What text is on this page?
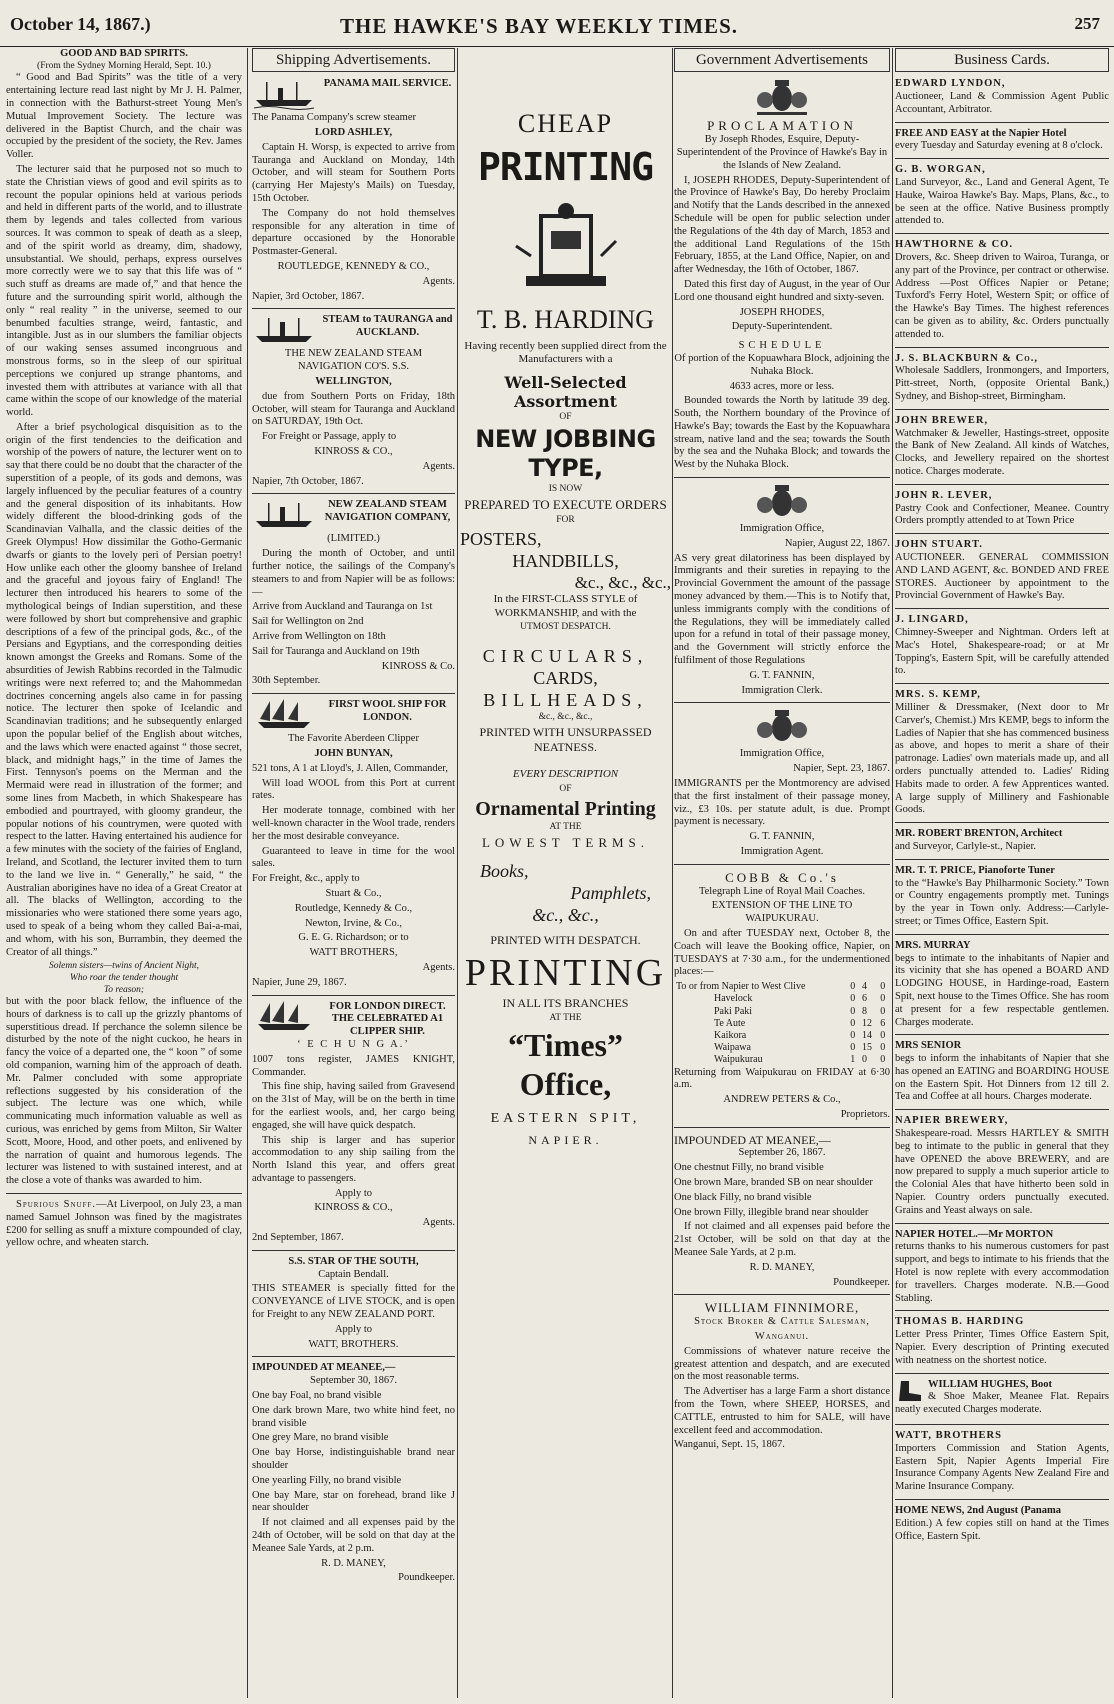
October 14, 1867.)	THE HAWKE'S BAY WEEKLY TIMES.	257
GOOD AND BAD SPIRITS.
(From the Sydney Morning Herald, Sept. 10.)

“ Good and Bad Spirits” was the title of a very entertaining lecture read last night by Mr J. H. Palmer, in connection with the Bathurst-street Young Men's Mutual Improvement Society. The lecture was delivered in the Baptist Church, and the chair was occupied by the president of the society, the Rev. James Voller.

The lecturer said that he purposed not so much to state the Christian views of good and evil spirits as to recount the popular opinions held at various periods and held in different parts of the world, and to illustrate them by legends and tales collected from various sources. It was common to speak of death as a sleep, and of the spirit world as dreamy, dim, shadowy, unsubstantial. We should, perhaps, express ourselves more correctly were we to say that this life was of “ such stuff as dreams are made of,” and that hence the future and the surrounding spirit world, although the only “ real reality ” in the universe, seemed to our benumbed faculties strange, weird, fantastic, and intangible. Just as in our slumbers the familiar objects of our waking senses assumed incongruous and monstrous forms, so in the sleep of our spiritual perceptions we conjured up strange phantoms, and invested them with attributes at variance with all that came within the scope of our knowledge of the material world.

After a brief psychological disquisition as to the origin of the first tendencies to the deification and worship of the powers of nature, the lecturer went on to say that there could be no doubt that the character of the superstition of a people, of its gods and demons, was largely influenced by the peculiar features of a country and the general disposition of its inhabitants. How widely different the blood-drinking gods of the Scandinavian Valhalla, and the classic deities of the Greek Olympus! How dissimilar the Gotho-Germanic dwarfs or giants to the lovely peri of Persian poetry! How unlike each other the gloomy banshee of Ireland and the graceful and joyous fairy of England! The lecturer then introduced his hearers to some of the mythological beings of Indian superstition, and these were followed by short but comprehensive and graphic descriptions of a few of the principal gods, &c., of the Persians and Egyptians, and the corresponding deities known amongst the Greeks and Romans. Some of the absurdities of Jewish Rabbins recorded in the Talmudic writings were next referred to; and the Mahommedan doctrines concerning angels also came in for passing notice. The lecturer then spoke of Icelandic and Scandinavian traditions; and he subsequently enlarged upon the popular belief of the English about witches, and the laws which were enacted against “ those secret, black, and midnight hags,” in the time of James the First. Tennyson's poems on the Merman and the Mermaid were read in illustration of the former; and some lines from Macbeth, in which Shakespeare has embodied and pourtrayed, with gloomy grandeur, the popular notions of his countrymen, were quoted with respect to the latter. Having entertained his audience for a few minutes with the society of the fairies of England, Ireland, and Scotland, the lecturer invited them to turn to the land we live in. “ Generally,” he said, “ the Australian aborigines have no idea of a Great Creator at all. The blacks of Wellington, according to the missionaries who were stationed there some years ago, used to speak of a being whom they called Bai-a-mai, and whom, with his son, Burrambin, they deemed the Creator of all things.”

Solemn sisters—twins of Ancient Night,
Who roar the tender thought
To reason;

but with the poor black fellow, the influence of the hours of darkness is to call up the grizzly phantoms of superstitious dread. If perchance the solemn silence be disturbed by the note of the night cuckoo, he hears in fancy the voice of a departed one, the “ koon ” of some old companion, warning him of the approach of death. Mr. Palmer concluded with some appropriate reflections suggested by his consideration of the subject. The lecture was one which, while communicating much information valuable as well as curious, was enriched by gems from Milton, Sir Walter Scott, Moore, Hood, and other poets, and enlivened by the narration of quaint and humorous legends. The lecturer was listened to with sustained interest, and at the close a vote of thanks was awarded to him.

Spurious Snuff.—At Liverpool, on July 23, a man named Samuel Johnson was fined by the magistrates £200 for selling as snuff a mixture compounded of clay, yellow ochre, and wheaten starch.

Shipping Advertisements.
PANAMA MAIL SERVICE.

The Panama Company's screw steamer

LORD ASHLEY,

Captain H. Worsp, is expected to arrive from Tauranga and Auckland on Monday, 14th October, and will steam for Southern Ports (carrying Her Majesty's Mails) on Tuesday, 15th October.

The Company do not hold themselves responsible for any alteration in time of departure occasioned by the Honorable Postmaster-General.

ROUTLEDGE, KENNEDY & CO.,

Agents.

Napier, 3rd October, 1867.

STEAM to TAURANGA and AUCKLAND.

THE NEW ZEALAND STEAM NAVIGATION CO'S. S.S.

WELLINGTON,

due from Southern Ports on Friday, 18th October, will steam for Tauranga and Auckland on SATURDAY, 19th Oct.

For Freight or Passage, apply to

KINROSS & CO.,

Agents.

Napier, 7th October, 1867.

NEW ZEALAND STEAM NAVIGATION COMPANY,

(LIMITED.)

During the month of October, and until further notice, the sailings of the Company's steamers to and from Napier will be as follows:—

Arrive from Auckland and Tauranga on 1st

Sail for Wellington on 2nd

Arrive from Wellington on 18th

Sail for Tauranga and Auckland on 19th

KINROSS & Co.

30th September.

FIRST WOOL SHIP FOR LONDON.

The Favorite Aberdeen Clipper

JOHN BUNYAN,

521 tons, A 1 at Lloyd's, J. Allen, Commander,

Will load WOOL from this Port at current rates.

Her moderate tonnage, combined with her well-known character in the Wool trade, renders her the most desirable conveyance.

Guaranteed to leave in time for the wool sales.

For Freight, &c., apply to

Stuart & Co.,

Routledge, Kennedy & Co.,

Newton, Irvine, & Co.,

G. E. G. Richardson; or to

WATT BROTHERS,

Agents.

Napier, June 29, 1867.

FOR LONDON DIRECT. THE CELEBRATED A1 CLIPPER SHIP.

‘ E C H U N G A.’

1007 tons register, JAMES KNIGHT, Commander.

This fine ship, having sailed from Gravesend on the 31st of May, will be on the berth in time for the earliest wools, and, her cargo being engaged, she will have quick despatch.

This ship is larger and has superior accommodation to any ship sailing from the North Island this year, and offers great advantage to passengers.

Apply to

KINROSS & CO.,

Agents.

2nd September, 1867.

S.S. STAR OF THE SOUTH,

Captain Bendall.

THIS STEAMER is specially fitted for the CONVEYANCE of LIVE STOCK, and is open for Freight to any NEW ZEALAND PORT.

Apply to

WATT, BROTHERS.

IMPOUNDED AT MEANEE,—

September 30, 1867.

One bay Foal, no brand visible

One dark brown Mare, two white hind feet, no brand visible

One grey Mare, no brand visible

One bay Horse, indistinguishable brand near shoulder

One yearling Filly, no brand visible

One bay Mare, star on forehead, brand like J near shoulder

If not claimed and all expenses paid by the 24th of October, will be sold on that day at the Meanee Sale Yards, at 2 p.m.

R. D. MANEY,

Poundkeeper.

CHEAP
PRINTING
T. B. HARDING

Having recently been supplied direct from the Manufacturers with a

Well-Selected Assortment

OF

NEW JOBBING TYPE,

IS NOW

PREPARED TO EXECUTE ORDERS

FOR

POSTERS,
HANDBILLS,
&c., &c., &c.,

In the FIRST-CLASS STYLE of WORKMANSHIP, and with the

UTMOST DESPATCH.

CIRCULARS,
CARDS,
BILLHEADS,

&c., &c., &c.,

PRINTED WITH UNSURPASSED NEATNESS.

EVERY DESCRIPTION

OF

Ornamental Printing

AT THE

LOWEST TERMS.
Books,
Pamphlets,
&c., &c.,

PRINTED WITH DESPATCH.

PRINTING

IN ALL ITS BRANCHES

AT THE

“Times” Office,
EASTERN SPIT,
NAPIER.
Government Advertisements
PROCLAMATION

By Joseph Rhodes, Esquire, Deputy-Superintendent of the Province of Hawke's Bay in the Islands of New Zealand.

I, JOSEPH RHODES, Deputy-Superintendent of the Province of Hawke's Bay, Do hereby Proclaim and Notify that the Lands described in the annexed Schedule will be open for public selection under the Regulations of the 4th day of March, 1853 and the additional Land Regulations of the 15th February, 1855, at the Land Office, Napier, on and after Wednesday, the 16th of October, 1867.

Dated this first day of August, in the year of Our Lord one thousand eight hundred and sixty-seven.

JOSEPH RHODES,

Deputy-Superintendent.

SCHEDULE

Of portion of the Kopuawhara Block, adjoining the Nuhaka Block.

4633 acres, more or less.

Bounded towards the North by latitude 39 deg. South, the Northern boundary of the Province of Hawke's Bay; towards the East by the Kopuawhara stream, native land and the sea; towards the South by the sea and the Nuhaka Block; and towards the West by the Nuhaka Block.

Immigration Office,

Napier, August 22, 1867.

AS very great dilatoriness has been displayed by Immigrants and their sureties in repaying to the Provincial Government the amount of the passage money advanced by them.—This is to Notify that, unless immigrants comply with the conditions of the Regulations, they will be immediately called upon for a refund in total of their passage money, and the Government will strictly enforce the fulfilment of those Regulations

G. T. FANNIN,

Immigration Clerk.

Immigration Office,

Napier, Sept. 23, 1867.

IMMIGRANTS per the Montmorency are advised that the first instalment of their passage money, viz., £3 10s. per statute adult, is due. Prompt payment is necessary.

G. T. FANNIN,

Immigration Agent.

COBB & Co.'s

Telegraph Line of Royal Mail Coaches.

EXTENSION OF THE LINE TO WAIPUKURAU.

On and after TUESDAY next, October 8, the Coach will leave the Booking office, Napier, on TUESDAYS at 7·30 a.m., for the undermentioned places:—

To or from Napier to West Clive	0	4	0
Havelock	0	6	0
Paki Paki	0	8	0
Te Aute	0	12	6
Kaikora	0	14	0
Waipawa	0	15	0
Waipukurau	1	0	0

Returning from Waipukurau on FRIDAY at 6·30 a.m.

ANDREW PETERS & Co.,

Proprietors.

IMPOUNDED AT MEANEE,—

September 26, 1867.

One chestnut Filly, no brand visible

One brown Mare, branded SB on near shoulder

One black Filly, no brand visible

One brown Filly, illegible brand near shoulder

If not claimed and all expenses paid before the 21st October, will be sold on that day at the Meanee Sale Yards, at 2 p.m.

R. D. MANEY,

Poundkeeper.

WILLIAM FINNIMORE,

Stock Broker & Cattle Salesman,

Wanganui.

Commissions of whatever nature receive the greatest attention and despatch, and are executed on the most reasonable terms.

The Advertiser has a large Farm a short distance from the Town, where SHEEP, HORSES, and CATTLE, entrusted to him for SALE, will have excellent feed and accommodation.

Wanganui, Sept. 15, 1867.

Business Cards.
EDWARD LYNDON,

Auctioneer, Land & Commission Agent Public Accountant, Arbitrator.

FREE AND EASY at the Napier Hotel

every Tuesday and Saturday evening at 8 o'clock.

G. B. WORGAN,

Land Surveyor, &c., Land and General Agent, Te Hauke, Wairoa Hawke's Bay. Maps, Plans, &c., to be seen at the office. Native Business promptly attended to.

HAWTHORNE & CO.

Drovers, &c. Sheep driven to Wairoa, Turanga, or any part of the Province, per contract or otherwise. Address —Post Offices Napier or Petane; Tuxford's Ferry Hotel, Western Spit; or office of the Hawke's Bay Times. The highest references can be given as to ability, &c. Orders punctually attended to.

J. S. BLACKBURN & Co.,

Wholesale Saddlers, Ironmongers, and Importers, Pitt-street, North, (opposite Oriental Bank,) Sydney, and Bishop-street, Birmingham.

JOHN BREWER,

Watchmaker & Jeweller, Hastings-street, opposite the Bank of New Zealand. All kinds of Watches, Clocks, and Jewellery repaired on the shortest notice. Charges moderate.

JOHN R. LEVER,

Pastry Cook and Confectioner, Meanee. Country Orders promptly attended to at Town Price

JOHN STUART.

AUCTIONEER. GENERAL COMMISSION AND LAND AGENT, &c. BONDED AND FREE STORES. Auctioneer by appointment to the Provincial Government of Hawke's Bay.

J. LINGARD,

Chimney-Sweeper and Nightman. Orders left at Mac's Hotel, Shakespeare-road; or at Mr Topping's, Eastern Spit, will be carefully attended to.

MRS. S. KEMP,

Milliner & Dressmaker, (Next door to Mr Carver's, Chemist.) Mrs KEMP, begs to inform the Ladies of Napier that she has commenced business as above, and hopes to merit a share of their patronage. Ladies' own materials made up, and all orders punctually attended to. Ladies' Riding Habits made to order. A few Apprentices wanted. A large supply of Millinery and Fashionable Goods.

MR. ROBERT BRENTON, Architect

and Surveyor, Carlyle-st., Napier.

MR. T. T. PRICE, Pianoforte Tuner

to the “Hawke's Bay Philharmonic Society.” Town or Country engagements promptly met. Tunings by the year in Town only. Address:—Carlyle-street; or Times Office, Eastern Spit.

MRS. MURRAY

begs to intimate to the inhabitants of Napier and its vicinity that she has opened a BOARD AND LODGING HOUSE, in Hardinge-road, Eastern Spit, next house to the Times Office. She has room at present for a few respectable gentlemen. Charges moderate.

MRS SENIOR

begs to inform the inhabitants of Napier that she has opened an EATING and BOARDING HOUSE on the Eastern Spit. Hot Dinners from 12 till 2. Tea and Coffee at all hours. Charges moderate.

NAPIER BREWERY,

Shakespeare-road. Messrs HARTLEY & SMITH beg to intimate to the public in general that they have OPENED the above BREWERY, and are now prepared to supply a much superior article to the Colonial Ales that have hitherto been sold in Napier. Country orders punctually executed. Grains and Yeast always on sale.

NAPIER HOTEL.—Mr MORTON

returns thanks to his numerous customers for past support, and begs to intimate to his friends that the Hotel is now replete with every accommodation for travellers. Charges moderate. N.B.—Good Stabling.

THOMAS B. HARDING

Letter Press Printer, Times Office Eastern Spit, Napier. Every description of Printing executed with neatness on the shortest notice.

WILLIAM HUGHES, Boot

& Shoe Maker, Meanee Flat. Repairs neatly executed Charges moderate.

WATT, BROTHERS

Importers Commission and Station Agents, Eastern Spit, Napier Agents Imperial Fire Insurance Company Agents New Zealand Fire and Marine Insurance Company.

HOME NEWS, 2nd August (Panama

Edition.) A few copies still on hand at the Times Office, Eastern Spit.
